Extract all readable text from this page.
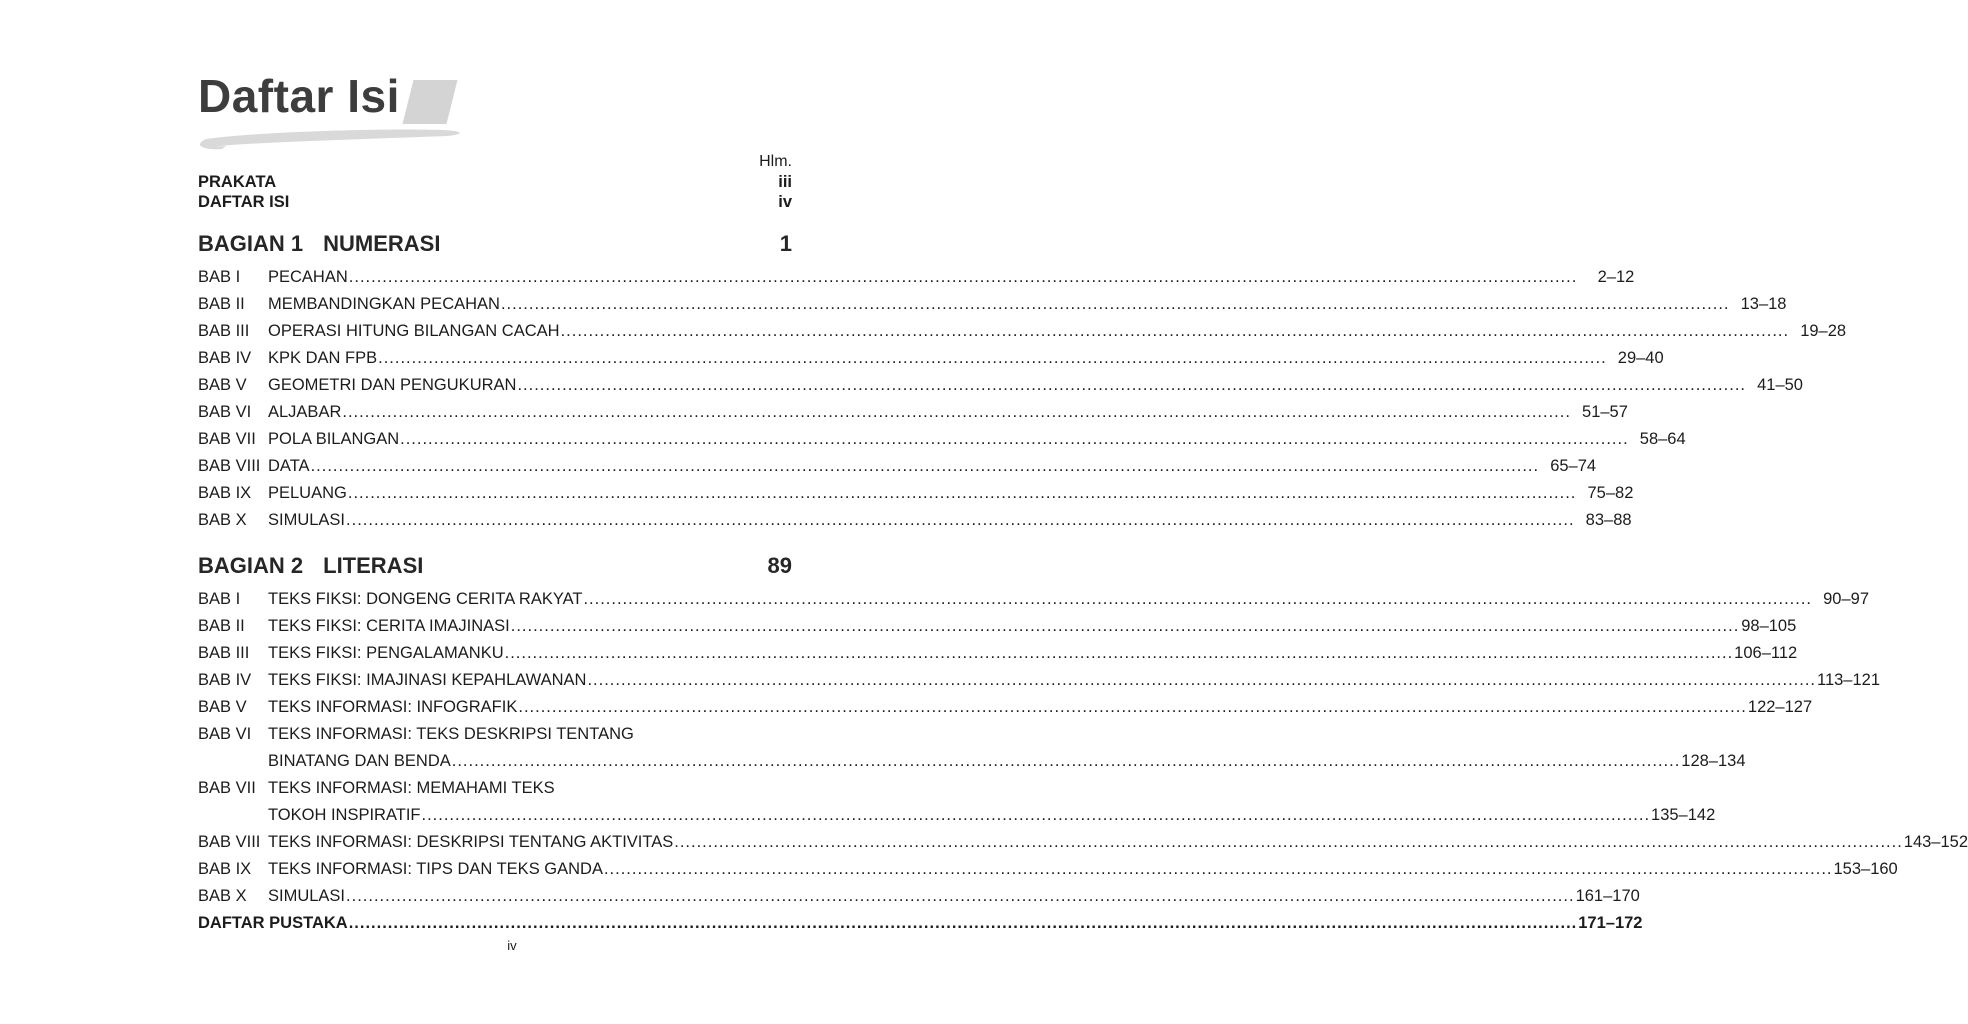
Daftar Isi
Hlm.
PRAKATA	iii
DAFTAR ISI	iv
BAGIAN 1 NUMERASI	1
BAB I	PECAHAN ............................................................................................................................................................................................................................	2–12
BAB II	MEMBANDINGKAN PECAHAN ............................................................................................................................................................................................................................ 13–18
BAB III	OPERASI HITUNG BILANGAN CACAH ............................................................................................................................................................................................................................ 19–28
BAB IV	KPK DAN FPB ............................................................................................................................................................................................................................ 29–40
BAB V	GEOMETRI DAN PENGUKURAN ............................................................................................................................................................................................................................ 41–50
BAB VI	ALJABAR ............................................................................................................................................................................................................................ 51–57
BAB VII POLA BILANGAN ............................................................................................................................................................................................................................ 58–64
BAB VIII DATA ............................................................................................................................................................................................................................ 65–74
BAB IX	PELUANG ............................................................................................................................................................................................................................ 75–82
BAB X	SIMULASI ............................................................................................................................................................................................................................ 83–88
BAGIAN 2 LITERASI	89
BAB I	TEKS FIKSI: DONGENG CERITA RAKYAT ............................................................................................................................................................................................................................ 90–97
BAB II	TEKS FIKSI: CERITA IMAJINASI ............................................................................................................................................................................................................................ 98–105
BAB III	TEKS FIKSI: PENGALAMANKU ............................................................................................................................................................................................................................ 106–112
BAB IV	TEKS FIKSI: IMAJINASI KEPAHLAWANAN ............................................................................................................................................................................................................................ 113–121
BAB V	TEKS INFORMASI: INFOGRAFIK ............................................................................................................................................................................................................................ 122–127
BAB VI	TEKS INFORMASI: TEKS DESKRIPSI TENTANG
BINATANG DAN BENDA ............................................................................................................................................................................................................................ 128–134
BAB VII TEKS INFORMASI: MEMAHAMI TEKS
TOKOH INSPIRATIF ............................................................................................................................................................................................................................ 135–142
BAB VIII TEKS INFORMASI: DESKRIPSI TENTANG AKTIVITAS ............................................................................................................................................................................................................................ 143–152
BAB IX	TEKS INFORMASI: TIPS DAN TEKS GANDA ............................................................................................................................................................................................................................ 153–160
BAB X	SIMULASI ............................................................................................................................................................................................................................ 161–170
DAFTAR PUSTAKA ............................................................................................................................................................................................................................ 171–172
iv
